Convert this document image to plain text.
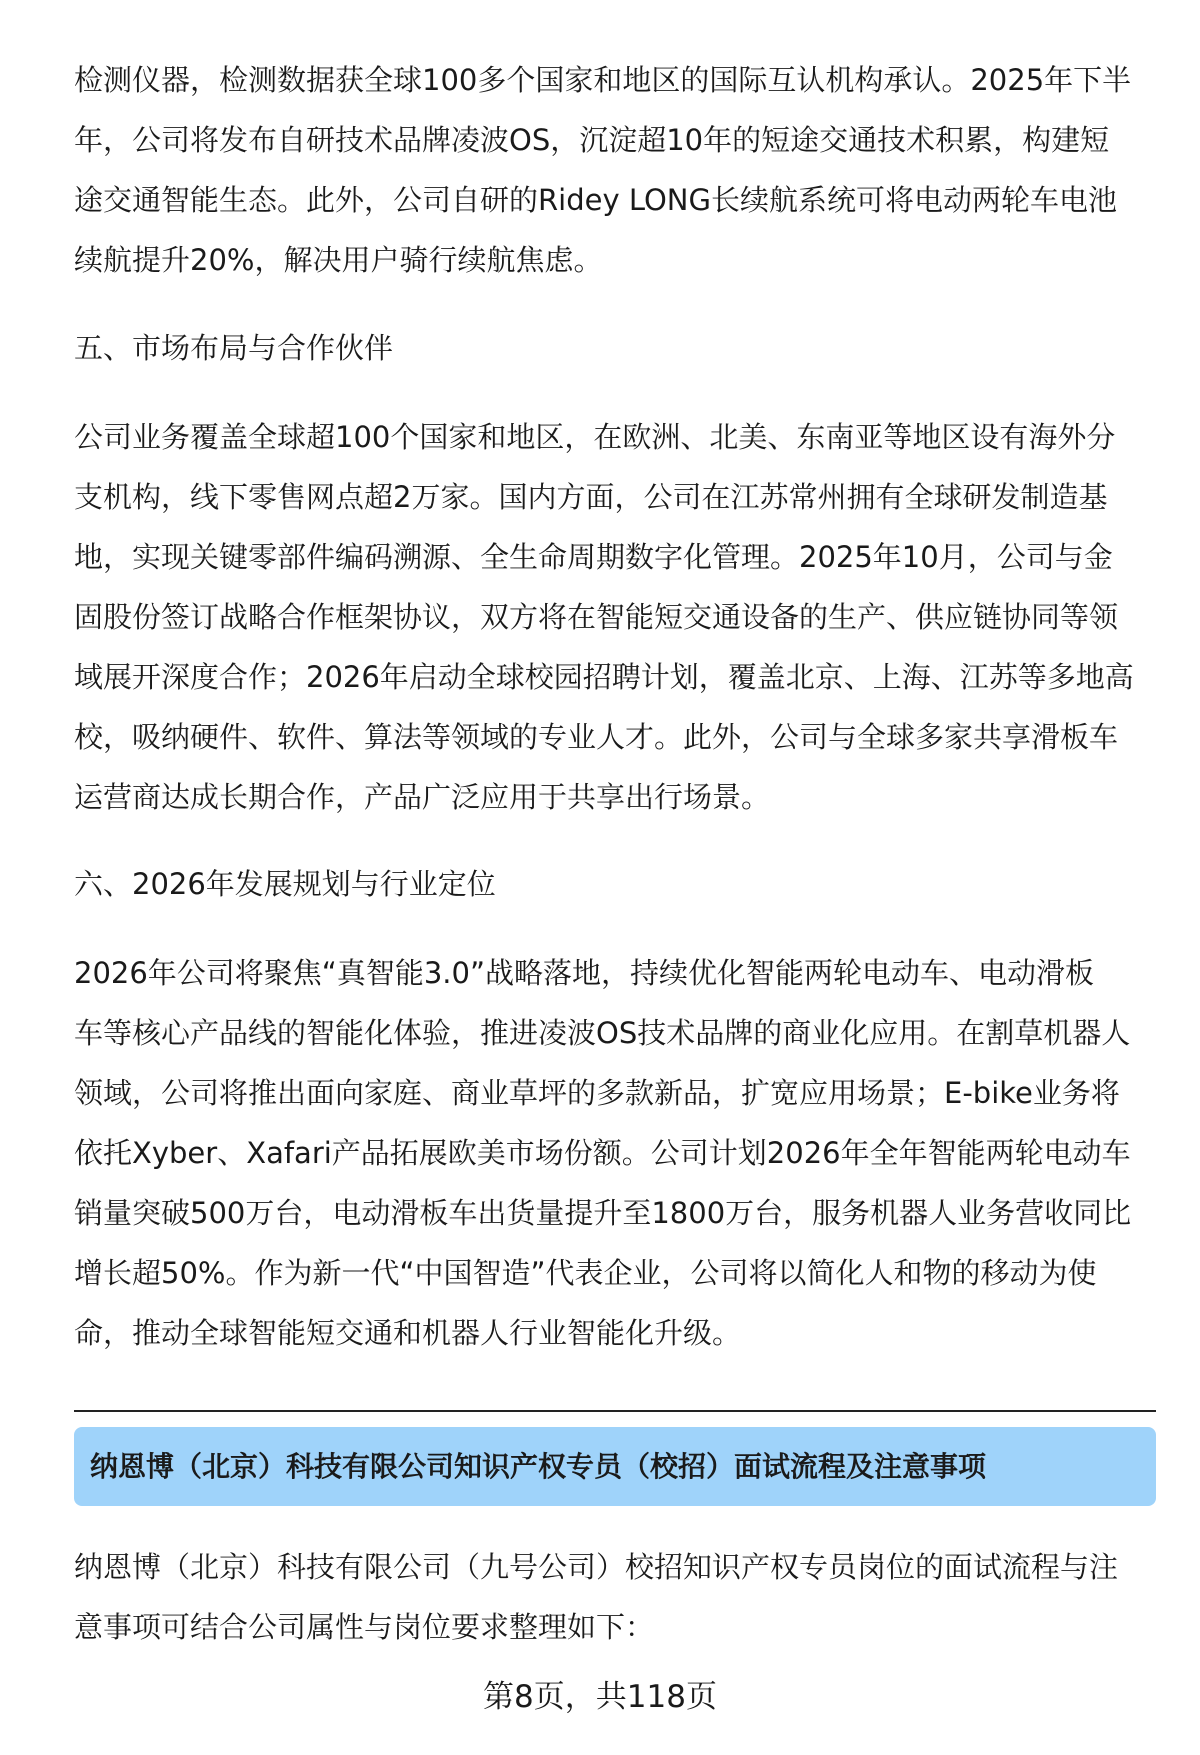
检测仪器，检测数据获全球100多个国家和地区的国际互认机构承认。2025年下半
年，公司将发布自研技术品牌凌波OS，沉淀超10年的短途交通技术积累，构建短
途交通智能生态。此外，公司自研的Ridey LONG长续航系统可将电动两轮车电池
续航提升20%，解决用户骑行续航焦虑。
五、市场布局与合作伙伴
公司业务覆盖全球超100个国家和地区，在欧洲、北美、东南亚等地区设有海外分
支机构，线下零售网点超2万家。国内方面，公司在江苏常州拥有全球研发制造基
地，实现关键零部件编码溯源、全生命周期数字化管理。2025年10月，公司与金
固股份签订战略合作框架协议，双方将在智能短交通设备的生产、供应链协同等领
域展开深度合作；2026年启动全球校园招聘计划，覆盖北京、上海、江苏等多地高
校，吸纳硬件、软件、算法等领域的专业人才。此外，公司与全球多家共享滑板车
运营商达成长期合作，产品广泛应用于共享出行场景。
六、2026年发展规划与行业定位
2026年公司将聚焦“真智能3.0”战略落地，持续优化智能两轮电动车、电动滑板
车等核心产品线的智能化体验，推进凌波OS技术品牌的商业化应用。在割草机器人
领域，公司将推出面向家庭、商业草坪的多款新品，扩宽应用场景；E-bike业务将
依托Xyber、Xafari产品拓展欧美市场份额。公司计划2026年全年智能两轮电动车
销量突破500万台，电动滑板车出货量提升至1800万台，服务机器人业务营收同比
增长超50%。作为新一代“中国智造”代表企业，公司将以简化人和物的移动为使
命，推动全球智能短交通和机器人行业智能化升级。
纳恩博（北京）科技有限公司知识产权专员（校招）面试流程及注意事项
纳恩博（北京）科技有限公司（九号公司）校招知识产权专员岗位的面试流程与注
意事项可结合公司属性与岗位要求整理如下：
第8页，共118页
